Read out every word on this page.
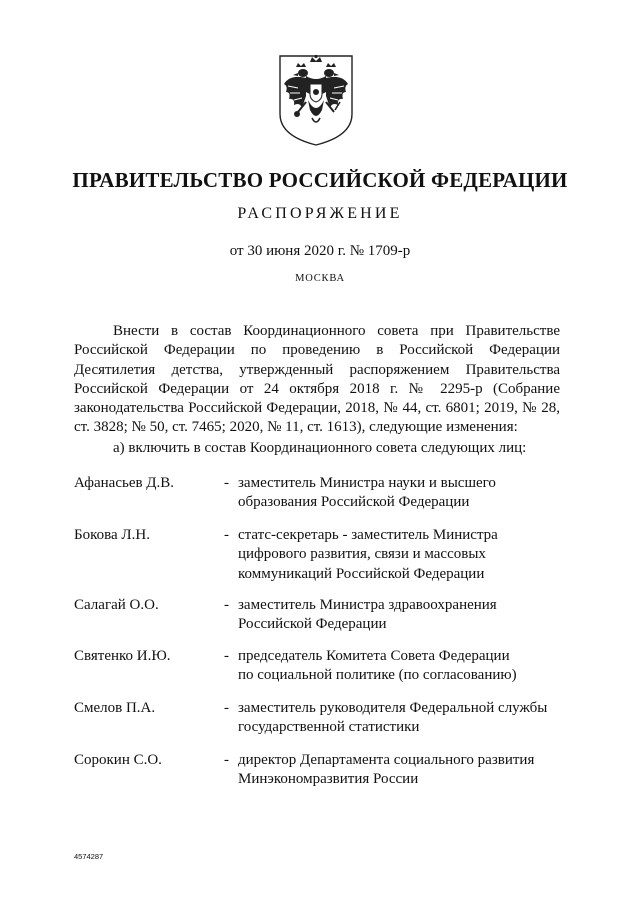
ПРАВИТЕЛЬСТВО РОССИЙСКОЙ ФЕДЕРАЦИИ
РАСПОРЯЖЕНИЕ
от 30 июня 2020 г. № 1709-р
МОСКВА
Внести в состав Координационного совета при Правительстве Российской Федерации по проведению в Российской Федерации Десятилетия детства, утвержденный распоряжением Правительства Российской Федерации от 24 октября 2018 г. № 2295-р (Собрание законодательства Российской Федерации, 2018, № 44, ст. 6801; 2019, № 28, ст. 3828; № 50, ст. 7465; 2020, № 11, ст. 1613), следующие изменения:
а) включить в состав Координационного совета следующих лиц:
Афанасьев Д.В.	- заместитель Министра науки и высшего
образования Российской Федерации
Бокова Л.Н.	- статс-секретарь - заместитель Министра
цифрового развития, связи и массовых
коммуникаций Российской Федерации
Салагай О.О.	- заместитель Министра здравоохранения
Российской Федерации
Святенко И.Ю.	- председатель Комитета Совета Федерации
по социальной политике (по согласованию)
Смелов П.А.	- заместитель руководителя Федеральной службы
государственной статистики
Сорокин С.О.	- директор Департамента социального развития
Минэкономразвития России
4574287
